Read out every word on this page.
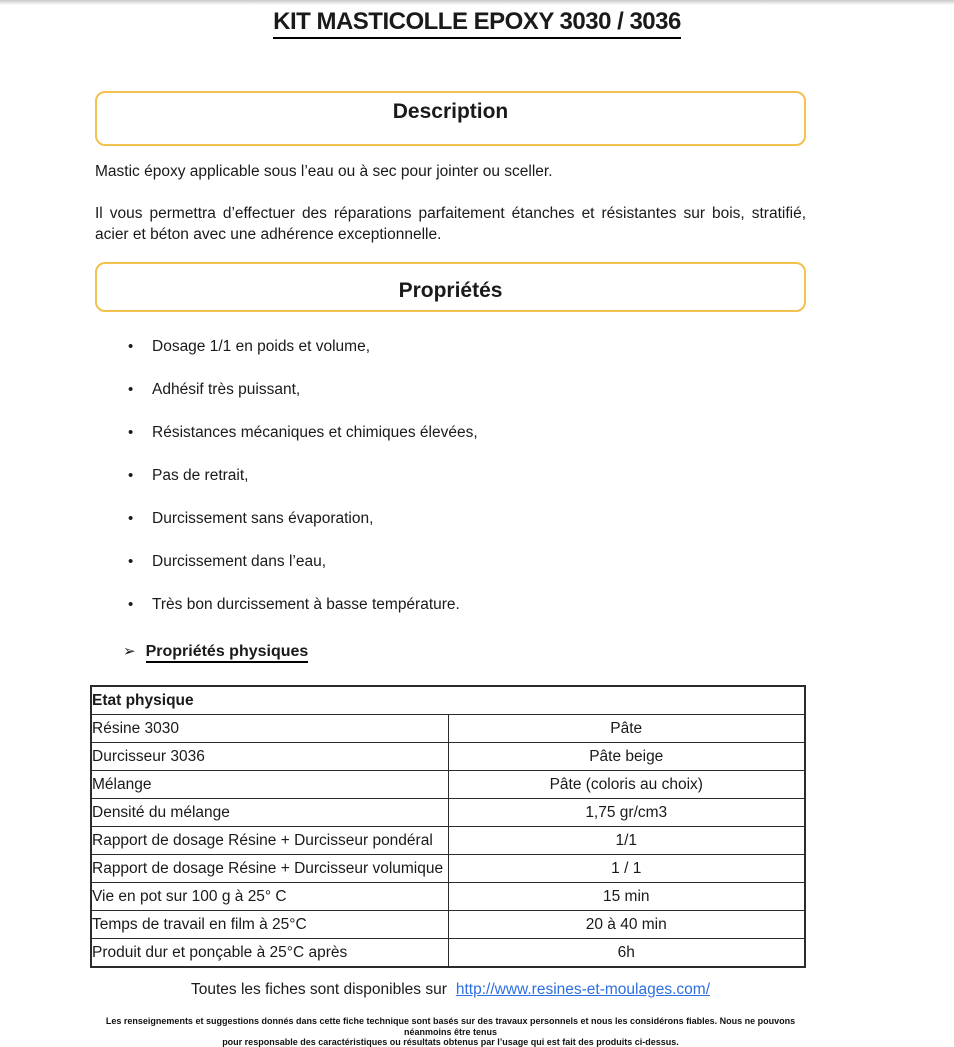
KIT MASTICOLLE EPOXY 3030 / 3036
Description

Mastic époxy applicable sous l’eau ou à sec pour jointer ou sceller.

Il vous permettra d’effectuer des réparations parfaitement étanches et résistantes sur bois, stratifié, acier et béton avec une adhérence exceptionnelle.

Propriétés
• Dosage 1/1 en poids et volume,
• Adhésif très puissant,
• Résistances mécaniques et chimiques élevées,
• Pas de retrait,
• Durcissement sans évaporation,
• Durcissement dans l’eau,
• Très bon durcissement à basse température.
➢ Propriétés physiques
Etat physique	
Résine 3030	Pâte
Durcisseur 3036	Pâte beige
Mélange	Pâte (coloris au choix)
Densité du mélange	1,75 gr/cm3
Rapport de dosage Résine + Durcisseur pondéral	1/1
Rapport de dosage Résine + Durcisseur volumique	1 / 1
Vie en pot sur 100 g à 25° C	15 min
Temps de travail en film à 25°C	20 à 40 min
Produit dur et ponçable à 25°C après	6h
Toutes les fiches sont disponibles sur http://www.resines-et-moulages.com/
Les renseignements et suggestions donnés dans cette fiche technique sont basés sur des travaux personnels et nous les considérons fiables. Nous ne pouvons néanmoins être tenus
pour responsable des caractéristiques ou résultats obtenus par l’usage qui est fait des produits ci-dessus.
